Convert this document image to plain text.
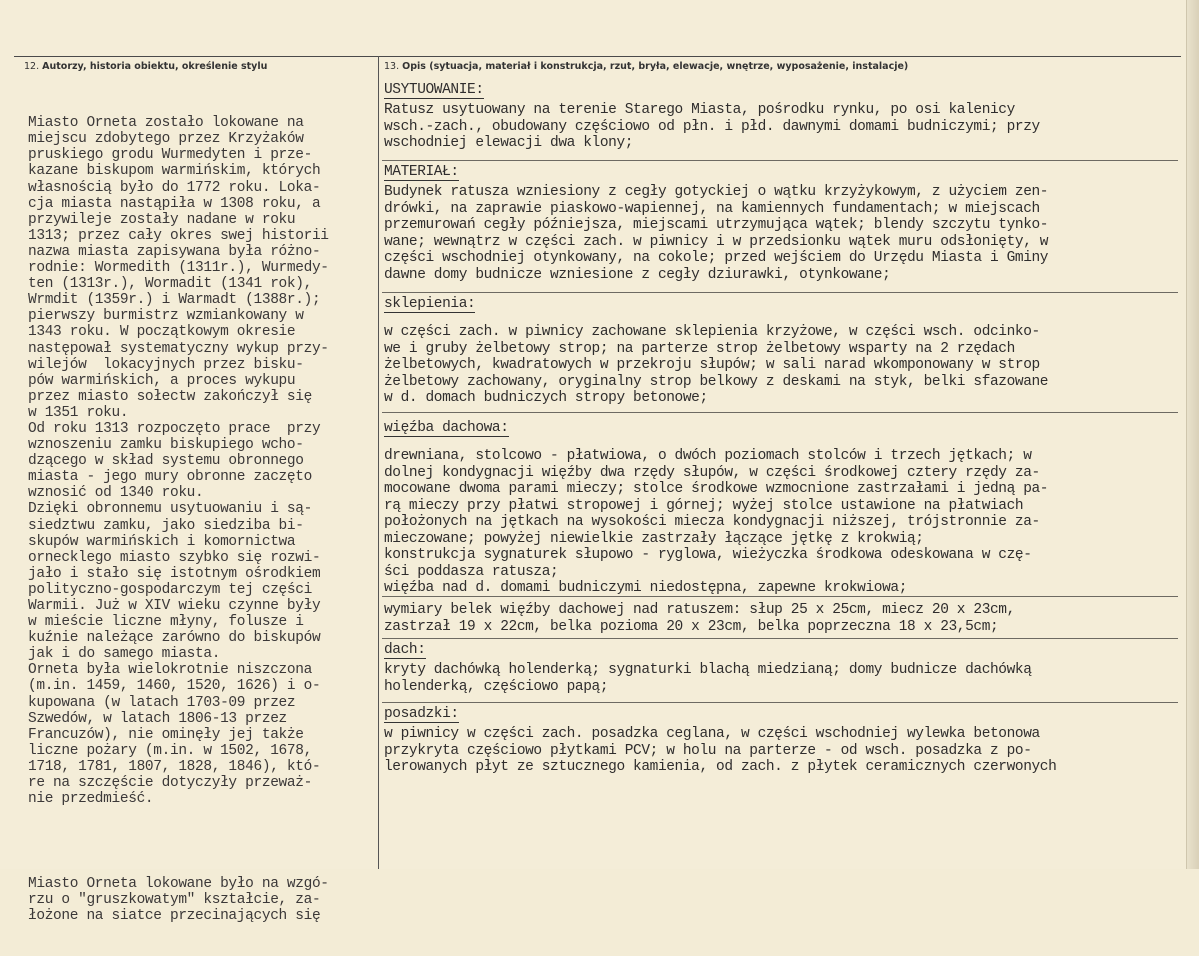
12. Autorzy, historia obiektu, określenie stylu	13. Opis (sytuacja, materiał i konstrukcja, rzut, bryła, elewacje, wnętrze, wyposażenie, instalacje)

Miasto Orneta zostało lokowane na
miejscu zdobytego przez Krzyżaków
pruskiego grodu Wurmedyten i prze-
kazane biskupom warmińskim, których
własnością było do 1772 roku. Loka-
cja miasta nastąpiła w 1308 roku, a
przywileje zostały nadane w roku
1313; przez cały okres swej historii
nazwa miasta zapisywana była różno-
rodnie: Wormedith (1311r.), Wurmedy-
ten (1313r.), Wormadit (1341 rok),
Wrmdit (1359r.) i Warmadt (1388r.);
pierwszy burmistrz wzmiankowany w
1343 roku. W początkowym okresie
następował systematyczny wykup przy-
wilejów  lokacyjnych przez bisku-
pów warmińskich, a proces wykupu
przez miasto sołectw zakończył się
w 1351 roku.
Od roku 1313 rozpoczęto prace  przy
wznoszeniu zamku biskupiego wcho-
dzącego w skład systemu obronnego
miasta - jego mury obronne zaczęto
wznosić od 1340 roku.
Dzięki obronnemu usytuowaniu i są-
siedztwu zamku, jako siedziba bi-
skupów warmińskich i komornictwa
ornecklego miasto szybko się rozwi-
jało i stało się istotnym ośrodkiem
polityczno-gospodarczym tej części
Warmii. Już w XIV wieku czynne były
w mieście liczne młyny, folusze i
kuźnie należące zarówno do biskupów
jak i do samego miasta.
Orneta była wielokrotnie niszczona
(m.in. 1459, 1460, 1520, 1626) i o-
kupowana (w latach 1703-09 przez
Szwedów, w latach 1806-13 przez
Francuzów), nie ominęły jej także
liczne pożary (m.in. w 1502, 1678,
1718, 1781, 1807, 1828, 1846), któ-
re na szczęście dotyczyły przeważ-
nie przedmieść.

Miasto Orneta lokowane było na wzgó-
rzu o "gruszkowatym" kształcie, za-
łożone na siatce przecinających się

USYTUOWANIE:
Ratusz usytuowany na terenie Starego Miasta, pośrodku rynku, po osi kalenicy
wsch.-zach., obudowany częściowo od płn. i płd. dawnymi domami budniczymi; przy
wschodniej elewacji dwa klony;
MATERIAŁ:
Budynek ratusza wzniesiony z cegły gotyckiej o wątku krzyżykowym, z użyciem zen-
drówki, na zaprawie piaskowo-wapiennej, na kamiennych fundamentach; w miejscach
przemurowań cegły późniejsza, miejscami utrzymująca wątek; blendy szczytu tynko-
wane; wewnątrz w części zach. w piwnicy i w przedsionku wątek muru odsłonięty, w
części wschodniej otynkowany, na cokole; przed wejściem do Urzędu Miasta i Gminy
dawne domy budnicze wzniesione z cegły dziurawki, otynkowane;
sklepienia:
w części zach. w piwnicy zachowane sklepienia krzyżowe, w części wsch. odcinko-
we i gruby żelbetowy strop; na parterze strop żelbetowy wsparty na 2 rzędach
żelbetowych, kwadratowych w przekroju słupów; w sali narad wkomponowany w strop
żelbetowy zachowany, oryginalny strop belkowy z deskami na styk, belki sfazowane
w d. domach budniczych stropy betonowe;
więźba dachowa:
drewniana, stolcowo - płatwiowa, o dwóch poziomach stolców i trzech jętkach; w
dolnej kondygnacji więźby dwa rzędy słupów, w części środkowej cztery rzędy za-
mocowane dwoma parami mieczy; stolce środkowe wzmocnione zastrzałami i jedną pa-
rą mieczy przy płatwi stropowej i górnej; wyżej stolce ustawione na płatwiach
położonych na jętkach na wysokości miecza kondygnacji niższej, trójstronnie za-
mieczowane; powyżej niewielkie zastrzały łączące jętkę z krokwią;
konstrukcja sygnaturek słupowo - ryglowa, wieżyczka środkowa odeskowana w czę-
ści poddasza ratusza;
więźba nad d. domami budniczymi niedostępna, zapewne krokwiowa;
wymiary belek więźby dachowej nad ratuszem: słup 25 x 25cm, miecz 20 x 23cm,
zastrzał 19 x 22cm, belka pozioma 20 x 23cm, belka poprzeczna 18 x 23,5cm;
dach:
kryty dachówką holenderką; sygnaturki blachą miedzianą; domy budnicze dachówką
holenderką, częściowo papą;
posadzki:
w piwnicy w części zach. posadzka ceglana, w części wschodniej wylewka betonowa
przykryta częściowo płytkami PCV; w holu na parterze - od wsch. posadzka z po-
lerowanych płyt ze sztucznego kamienia, od zach. z płytek ceramicznych czerwonych
